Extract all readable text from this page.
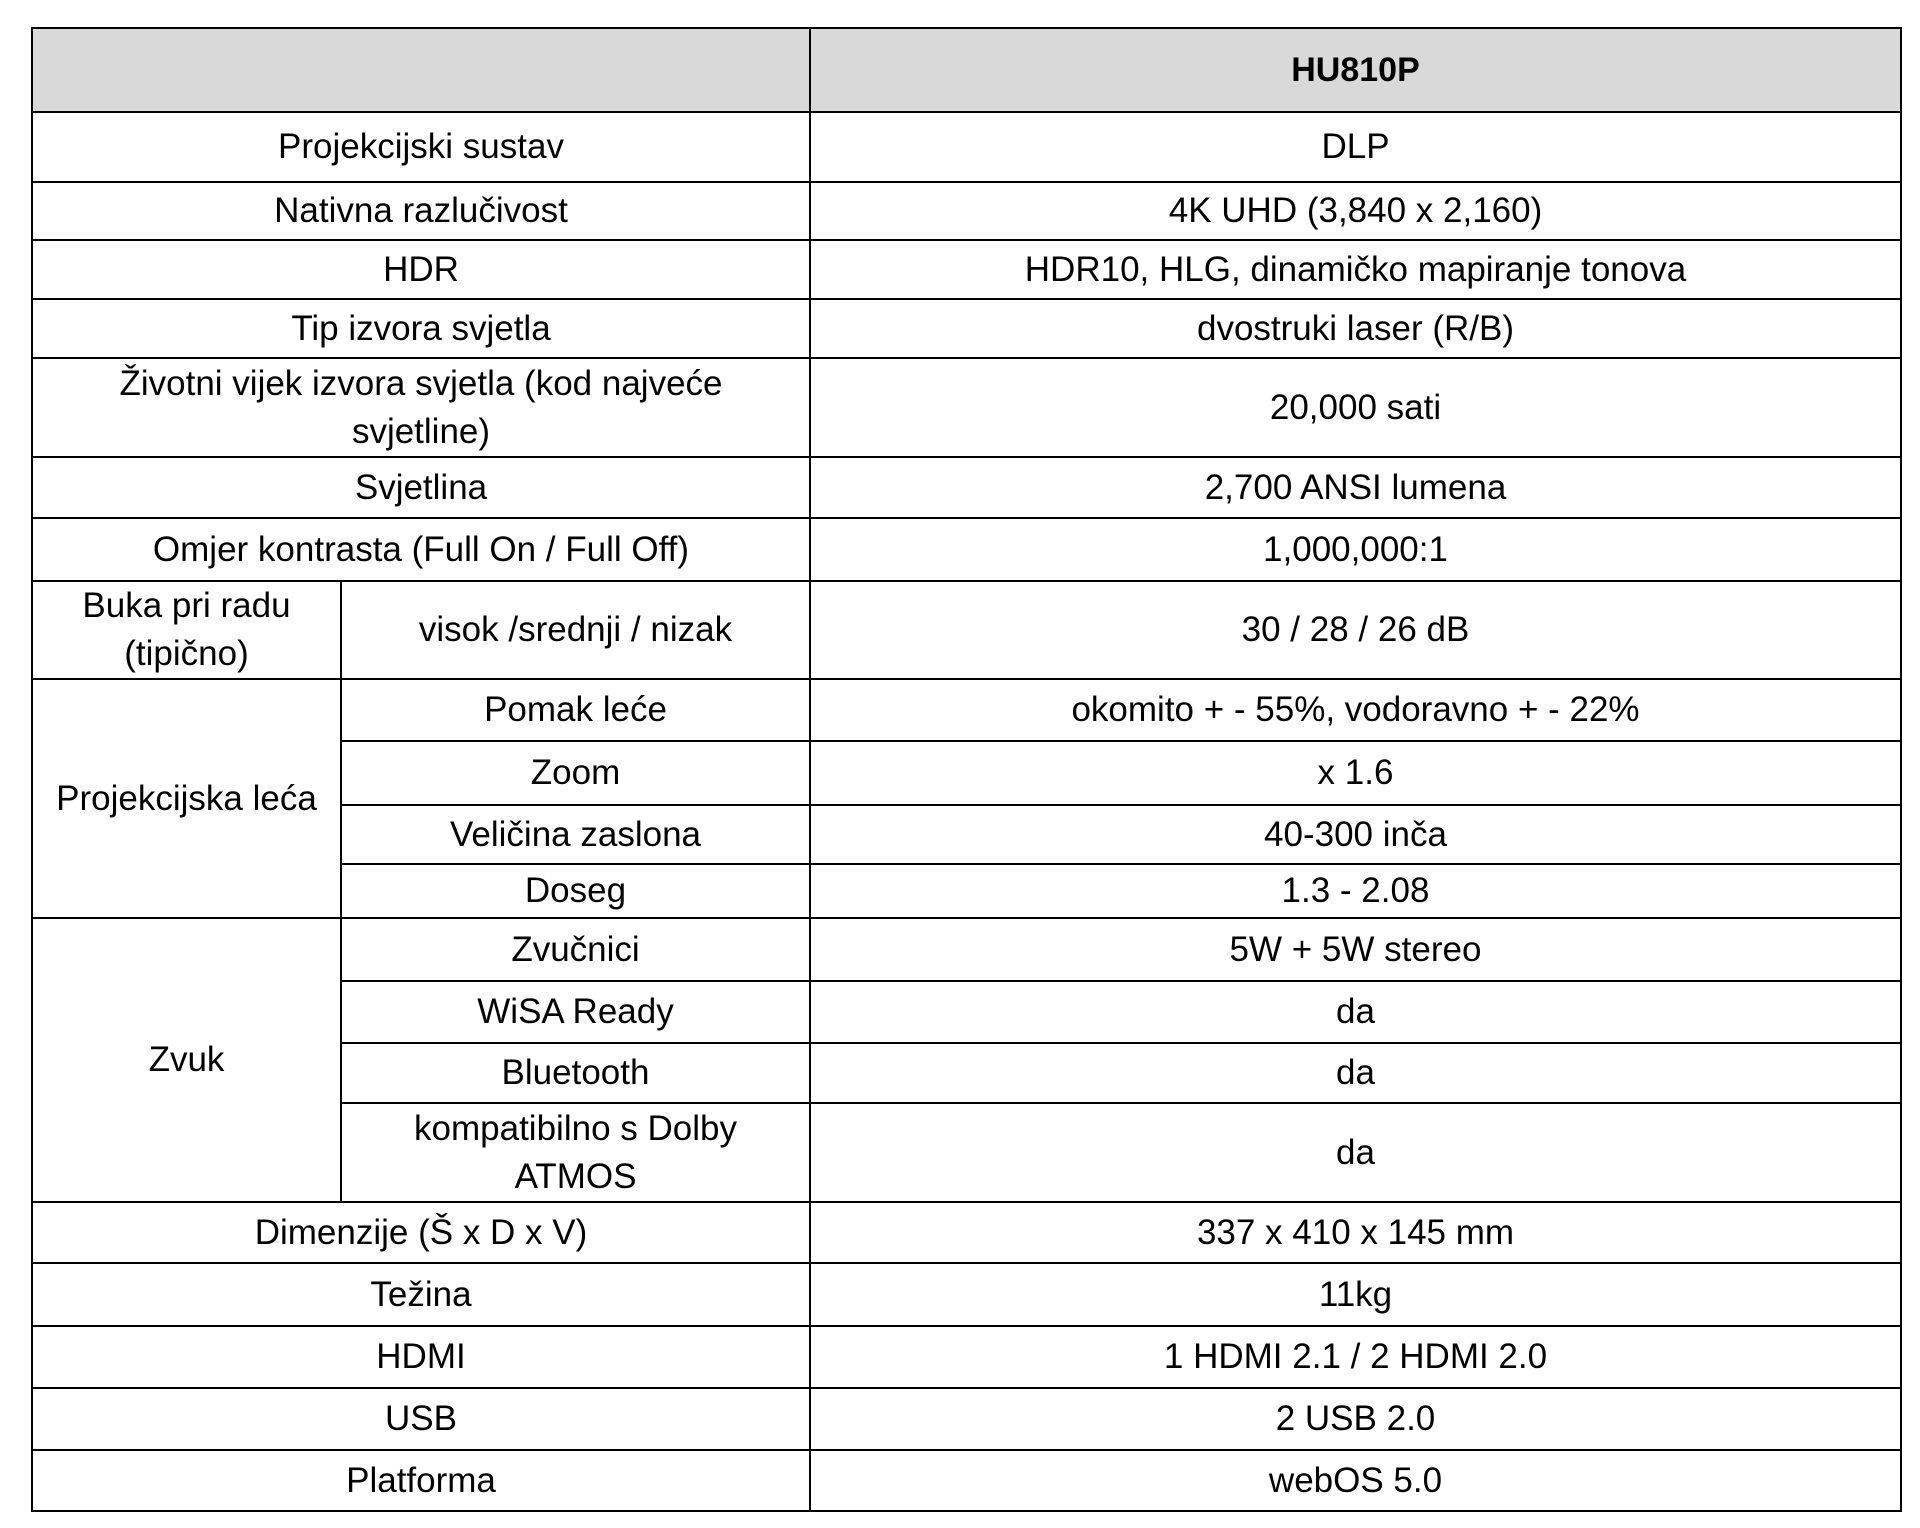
		HU810P
Projekcijski sustav		DLP
Nativna razlučivost		4K UHD (3,840 x 2,160)
HDR		HDR10, HLG, dinamičko mapiranje tonova
Tip izvora svjetla		dvostruki laser (R/B)
Životni vijek izvora svjetla (kod najveće svjetline)		20,000 sati
Svjetlina		2,700 ANSI lumena
Omjer kontrasta (Full On / Full Off)		1,000,000:1
Buka pri radu (tipično)	visok /srednji / nizak	30 / 28 / 26 dB
Projekcijska leća	Pomak leće	okomito + - 55%, vodoravno + - 22%
	Zoom	x 1.6
	Veličina zaslona	40-300 inča
	Doseg	1.3 - 2.08
Zvuk	Zvučnici	5W + 5W stereo
	WiSA Ready	da
	Bluetooth	da
	kompatibilno s Dolby ATMOS	da
Dimenzije (Š x D x V)		337 x 410 x 145 mm
Težina		11kg
HDMI		1 HDMI 2.1 / 2 HDMI 2.0
USB		2 USB 2.0
Platforma		webOS 5.0
